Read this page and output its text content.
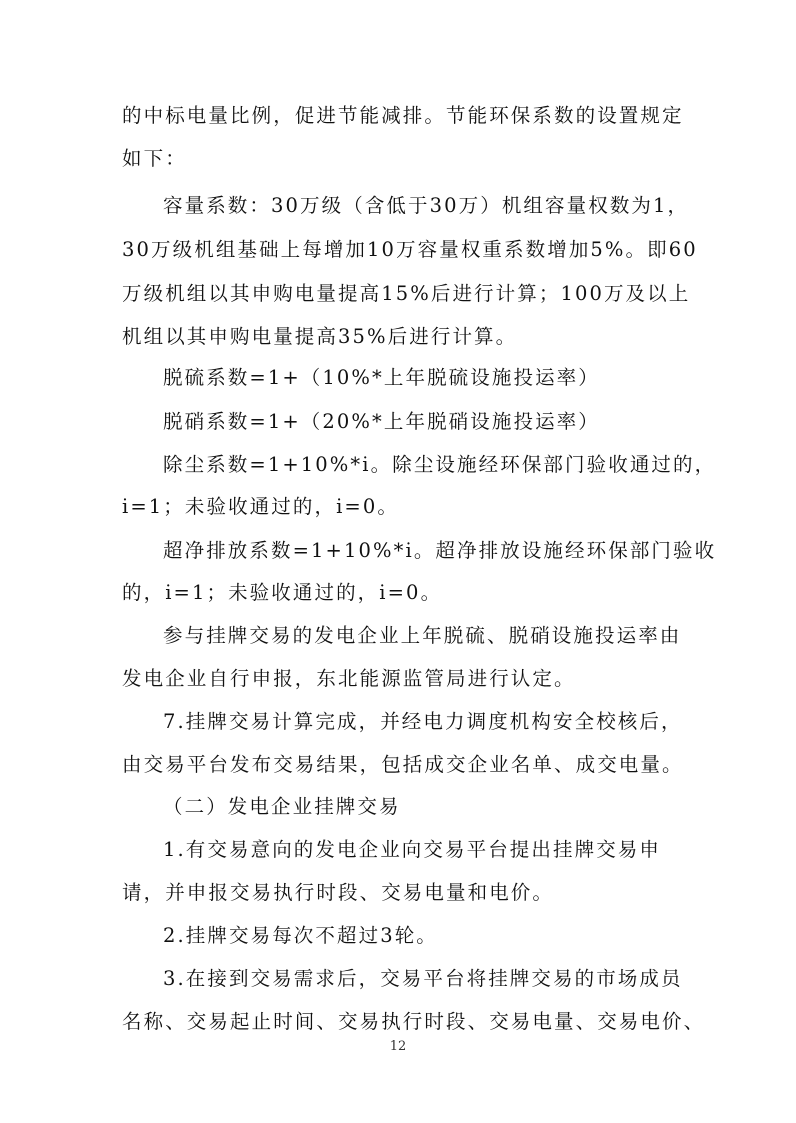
的中标电量比例，促进节能减排。节能环保系数的设置规定
如下：
容量系数：30万级（含低于30万）机组容量权数为1，
30万级机组基础上每增加10万容量权重系数增加5%。即60
万级机组以其申购电量提高15%后进行计算；100万及以上
机组以其申购电量提高35%后进行计算。
脱硫系数=1+（10%*上年脱硫设施投运率）
脱硝系数=1+（20%*上年脱硝设施投运率）
除尘系数=1+10%*i。除尘设施经环保部门验收通过的，
i=1；未验收通过的，i=0。
超净排放系数=1+10%*i。超净排放设施经环保部门验收
的，i=1；未验收通过的，i=0。
参与挂牌交易的发电企业上年脱硫、脱硝设施投运率由
发电企业自行申报，东北能源监管局进行认定。
7.挂牌交易计算完成，并经电力调度机构安全校核后，
由交易平台发布交易结果，包括成交企业名单、成交电量。
（二）发电企业挂牌交易
1.有交易意向的发电企业向交易平台提出挂牌交易申
请，并申报交易执行时段、交易电量和电价。
2.挂牌交易每次不超过3轮。
3.在接到交易需求后，交易平台将挂牌交易的市场成员
名称、交易起止时间、交易执行时段、交易电量、交易电价、
12
